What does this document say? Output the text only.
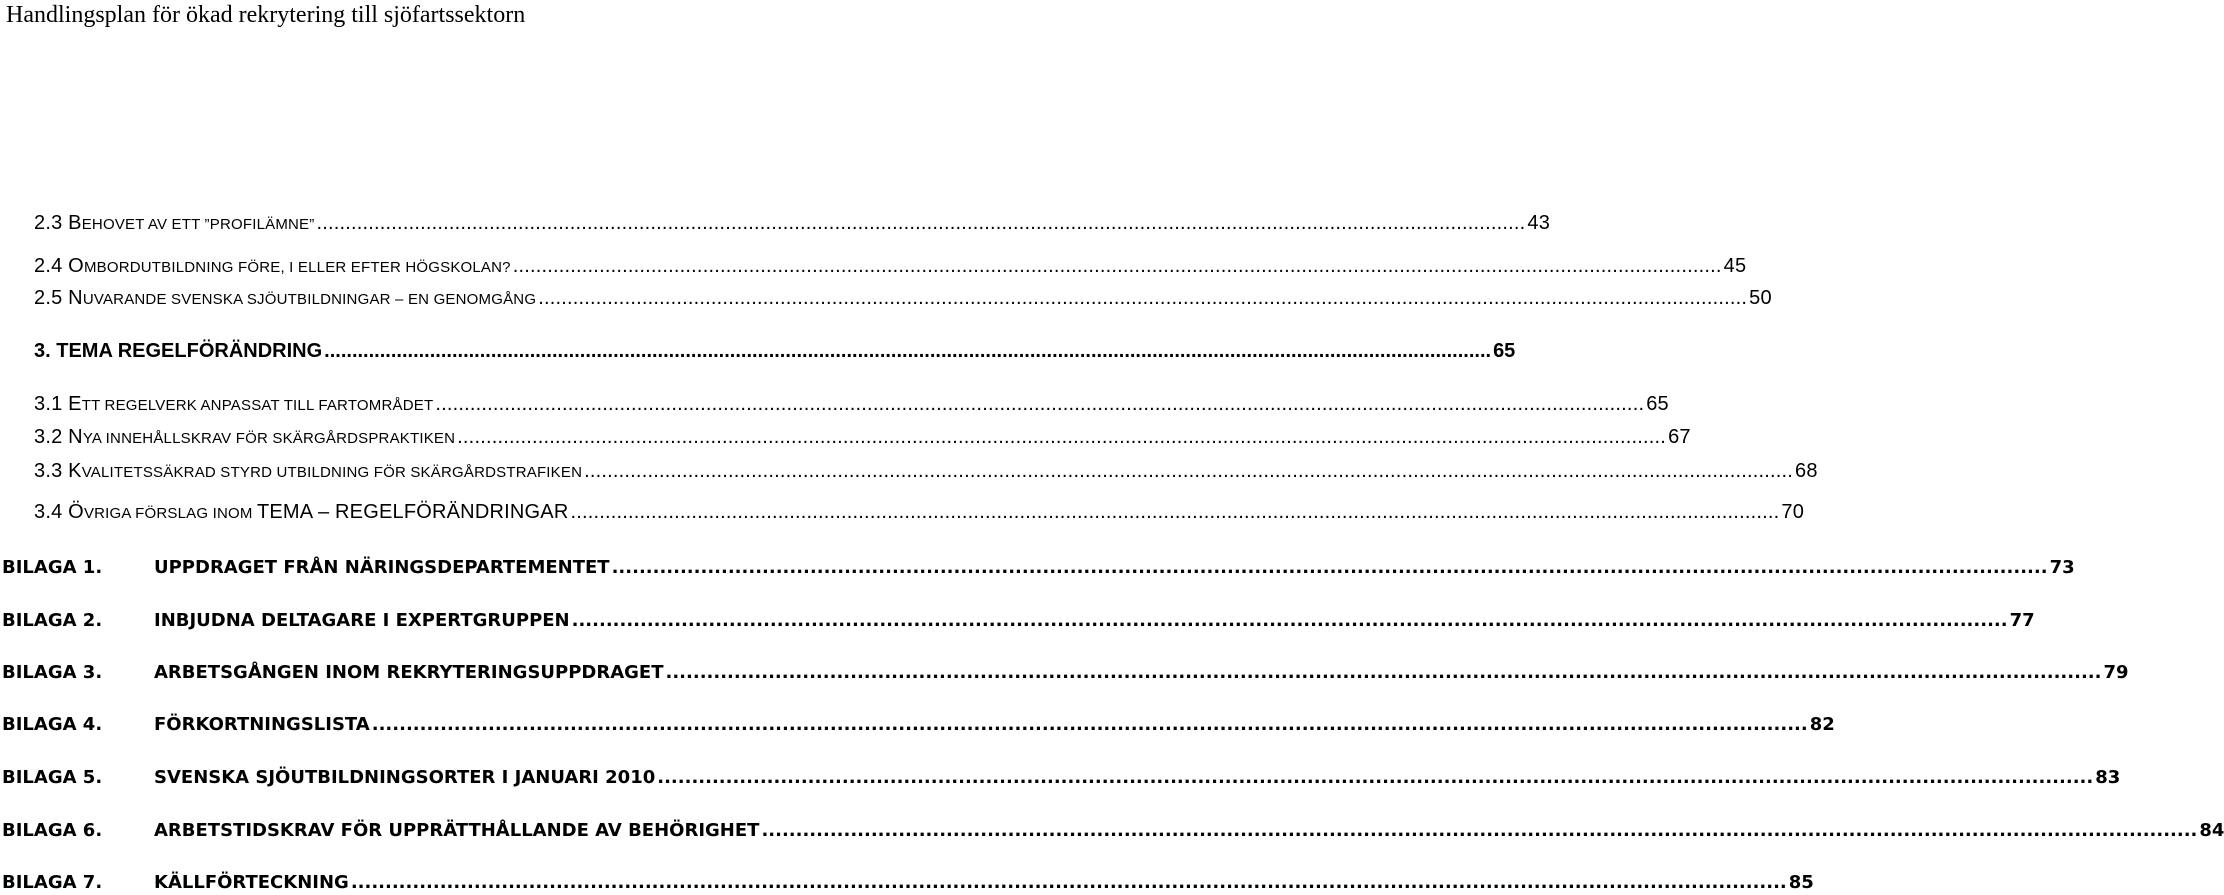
Handlingsplan för ökad rekrytering till sjöfartssektorn
2.3 BEHOVET AV ETT ”PROFILÄMNE” .................................................................................................................................................................................................................. 43
2.4 OMBORDUTBILDNING FÖRE, I ELLER EFTER HÖGSKOLAN? .................................................................................................................................................................................................................. 45
2.5 NUVARANDE SVENSKA SJÖUTBILDNINGAR – EN GENOMGÅNG .................................................................................................................................................................................................................. 50
3. TEMA REGELFÖRÄNDRING .................................................................................................................................................................................................................. 65
3.1 ETT REGELVERK ANPASSAT TILL FARTOMRÅDET .................................................................................................................................................................................................................. 65
3.2 NYA INNEHÅLLSKRAV FÖR SKÄRGÅRDSPRAKTIKEN .................................................................................................................................................................................................................. 67
3.3 KVALITETSSÄKRAD STYRD UTBILDNING FÖR SKÄRGÅRDSTRAFIKEN .................................................................................................................................................................................................................. 68
3.4 ÖVRIGA FÖRSLAG INOM TEMA – REGELFÖRÄNDRINGAR .................................................................................................................................................................................................................. 70
BILAGA 1.	UPPDRAGET FRÅN NÄRINGSDEPARTEMENTET .................................................................................................................................................................................................................. 73
BILAGA 2.	INBJUDNA DELTAGARE I EXPERTGRUPPEN .................................................................................................................................................................................................................. 77
BILAGA 3.	ARBETSGÅNGEN INOM REKRYTERINGSUPPDRAGET .................................................................................................................................................................................................................. 79
BILAGA 4.	FÖRKORTNINGSLISTA .................................................................................................................................................................................................................. 82
BILAGA 5.	SVENSKA SJÖUTBILDNINGSORTER I JANUARI 2010 .................................................................................................................................................................................................................. 83
BILAGA 6.	ARBETSTIDSKRAV FÖR UPPRÄTTHÅLLANDE AV BEHÖRIGHET .................................................................................................................................................................................................................. 84
BILAGA 7.	KÄLLFÖRTECKNING .................................................................................................................................................................................................................. 85
